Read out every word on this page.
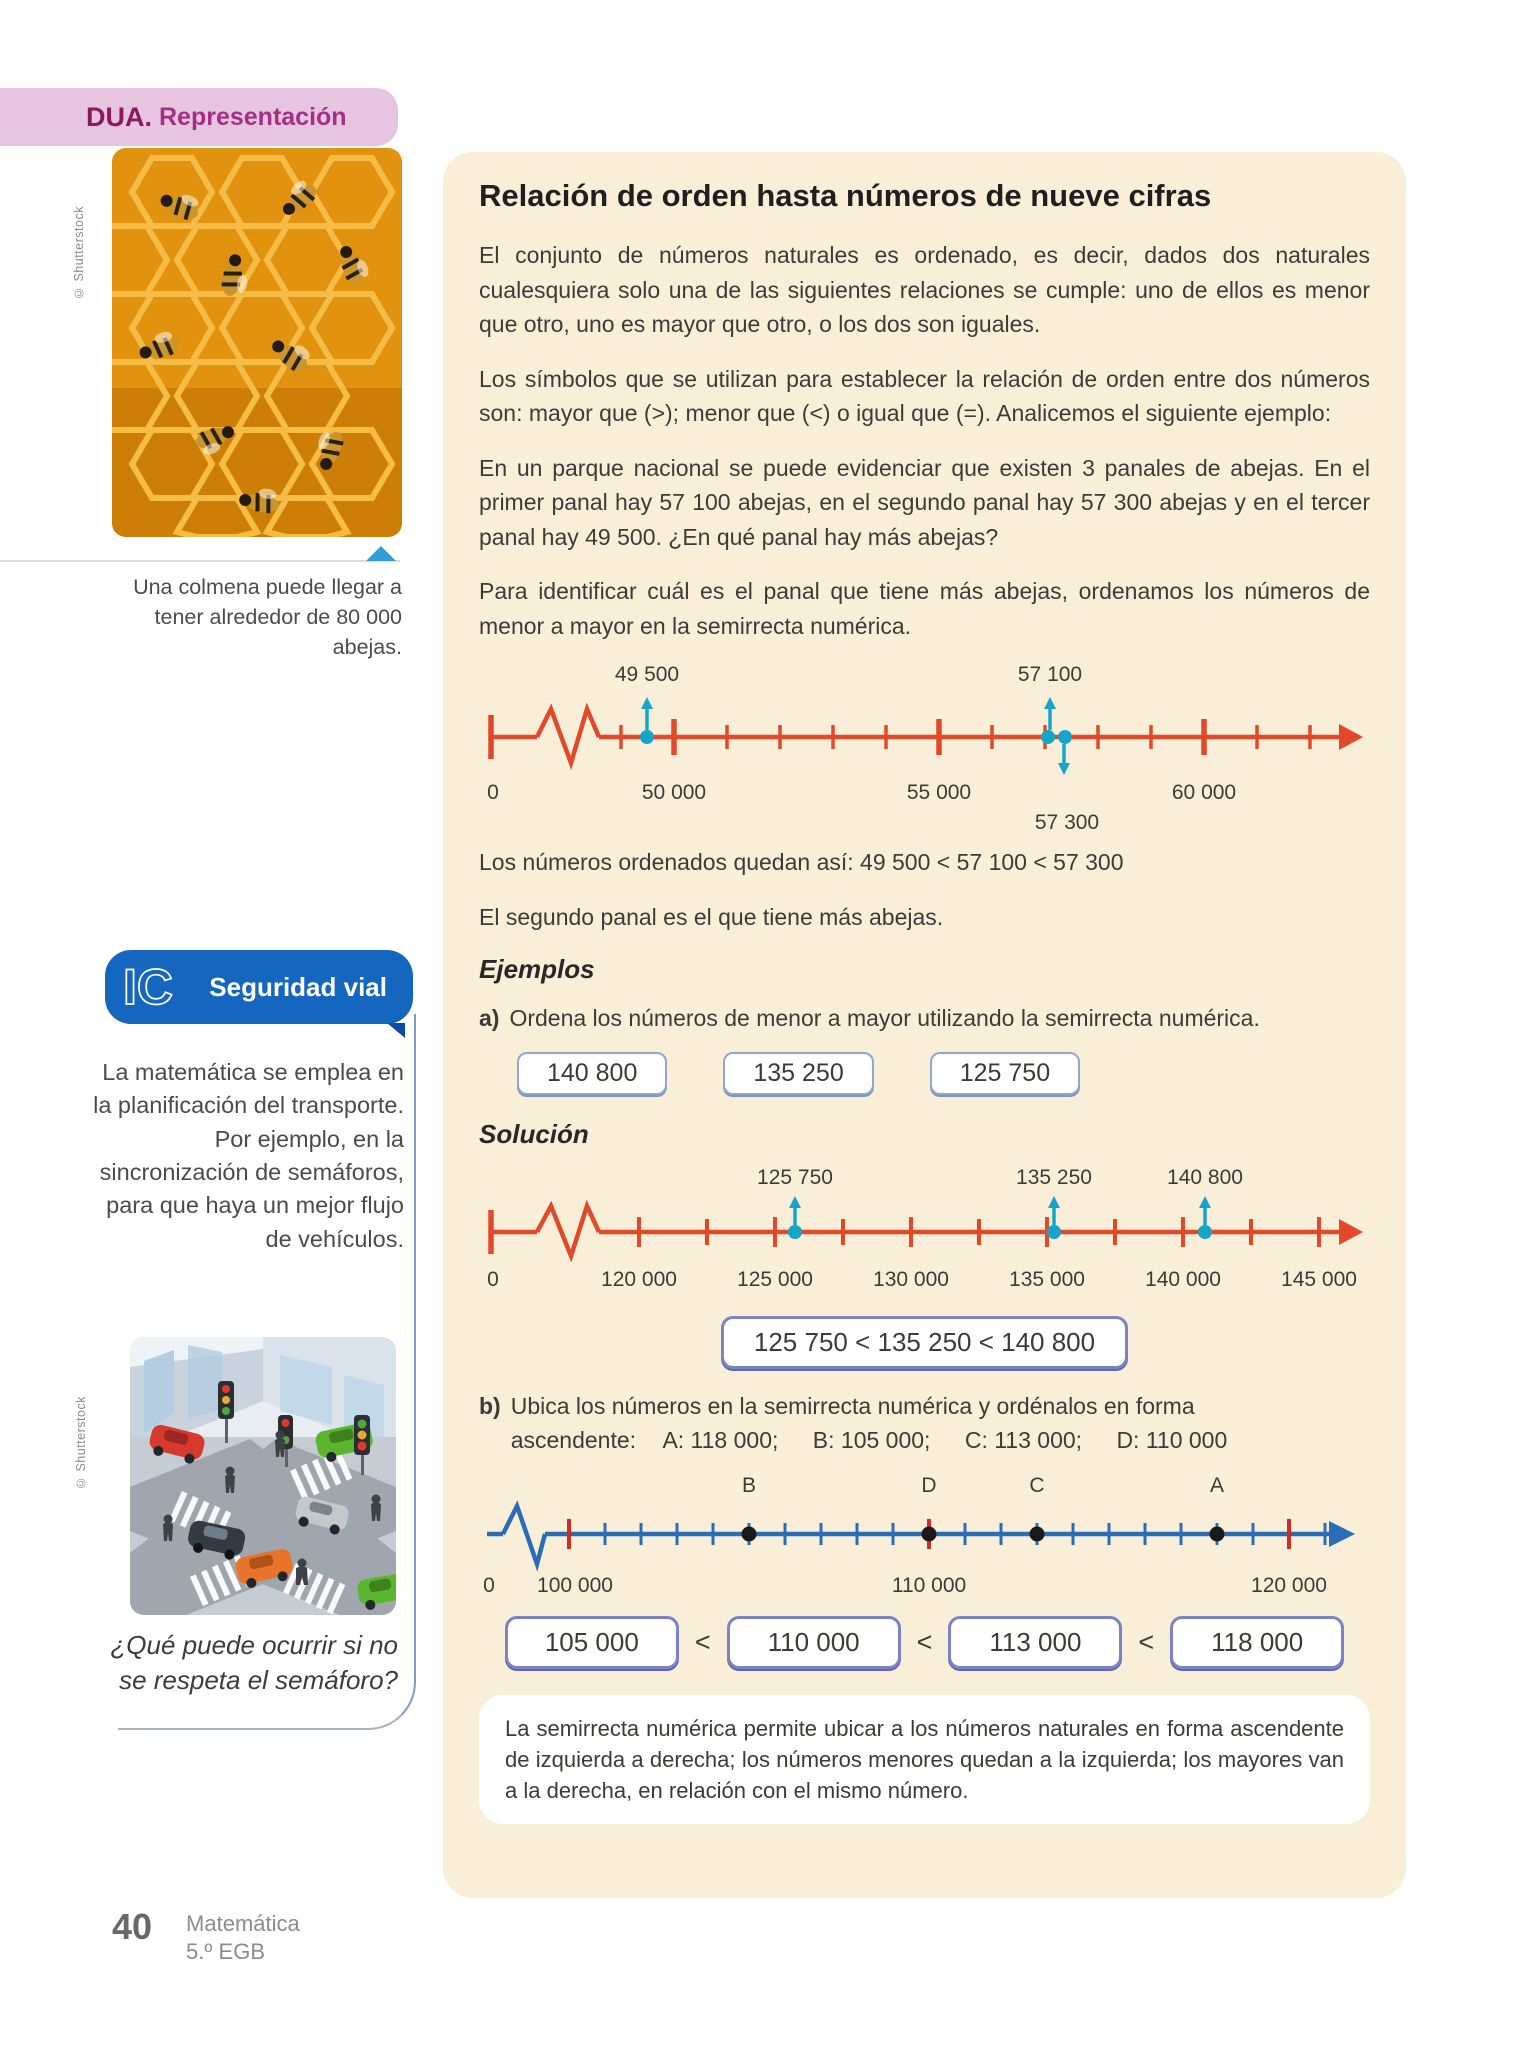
DUA. Representación
© Shutterstock
Una colmena puede llegar a tener alrededor de 80 000 abejas.
IC Seguridad vial
La matemática se emplea en la planificación del transporte. Por ejemplo, en la sincronización de semáforos, para que haya un mejor flujo de vehículos.
© Shutterstock
¿Qué puede ocurrir si no se respeta el semáforo?
Relación de orden hasta números de nueve cifras

El conjunto de números naturales es ordenado, es decir, dados dos naturales cualesquiera solo una de las siguientes relaciones se cumple: uno de ellos es menor que otro, uno es mayor que otro, o los dos son iguales.

Los símbolos que se utilizan para establecer la relación de orden entre dos números son: mayor que (>); menor que (<) o igual que (=). Analicemos el siguiente ejemplo:

En un parque nacional se puede evidenciar que existen 3 panales de abejas. En el primer panal hay 57 100 abejas, en el segundo panal hay 57 300 abejas y en el tercer panal hay 49 500. ¿En qué panal hay más abejas?

Para identificar cuál es el panal que tiene más abejas, ordenamos los números de menor a mayor en la semirrecta numérica.

49 500	57 100
0	50 000	55 000	60 000
57 300

Los números ordenados quedan así: 49 500 < 57 100 < 57 300

El segundo panal es el que tiene más abejas.

Ejemplos
a) Ordena los números de menor a mayor utilizando la semirrecta numérica.
140 800	135 250	125 750
Solución
125 750	135 250	140 800
0	120 000	125 000	130 000	135 000	140 000	145 000
125 750 < 135 250 < 140 800
b) Ubica los números en la semirrecta numérica y ordénalos en forma
ascendente: A: 118 000; B: 105 000; C: 113 000; D: 110 000
B	D	C	A
0 100 000	110 000	120 000
105 000	<	110 000	<	113 000	<	118 000
La semirrecta numérica permite ubicar a los números naturales en forma ascendente de izquierda a derecha; los números menores quedan a la izquierda; los mayores van a la derecha, en relación con el mismo número.
40 Matemática
5.º EGB
